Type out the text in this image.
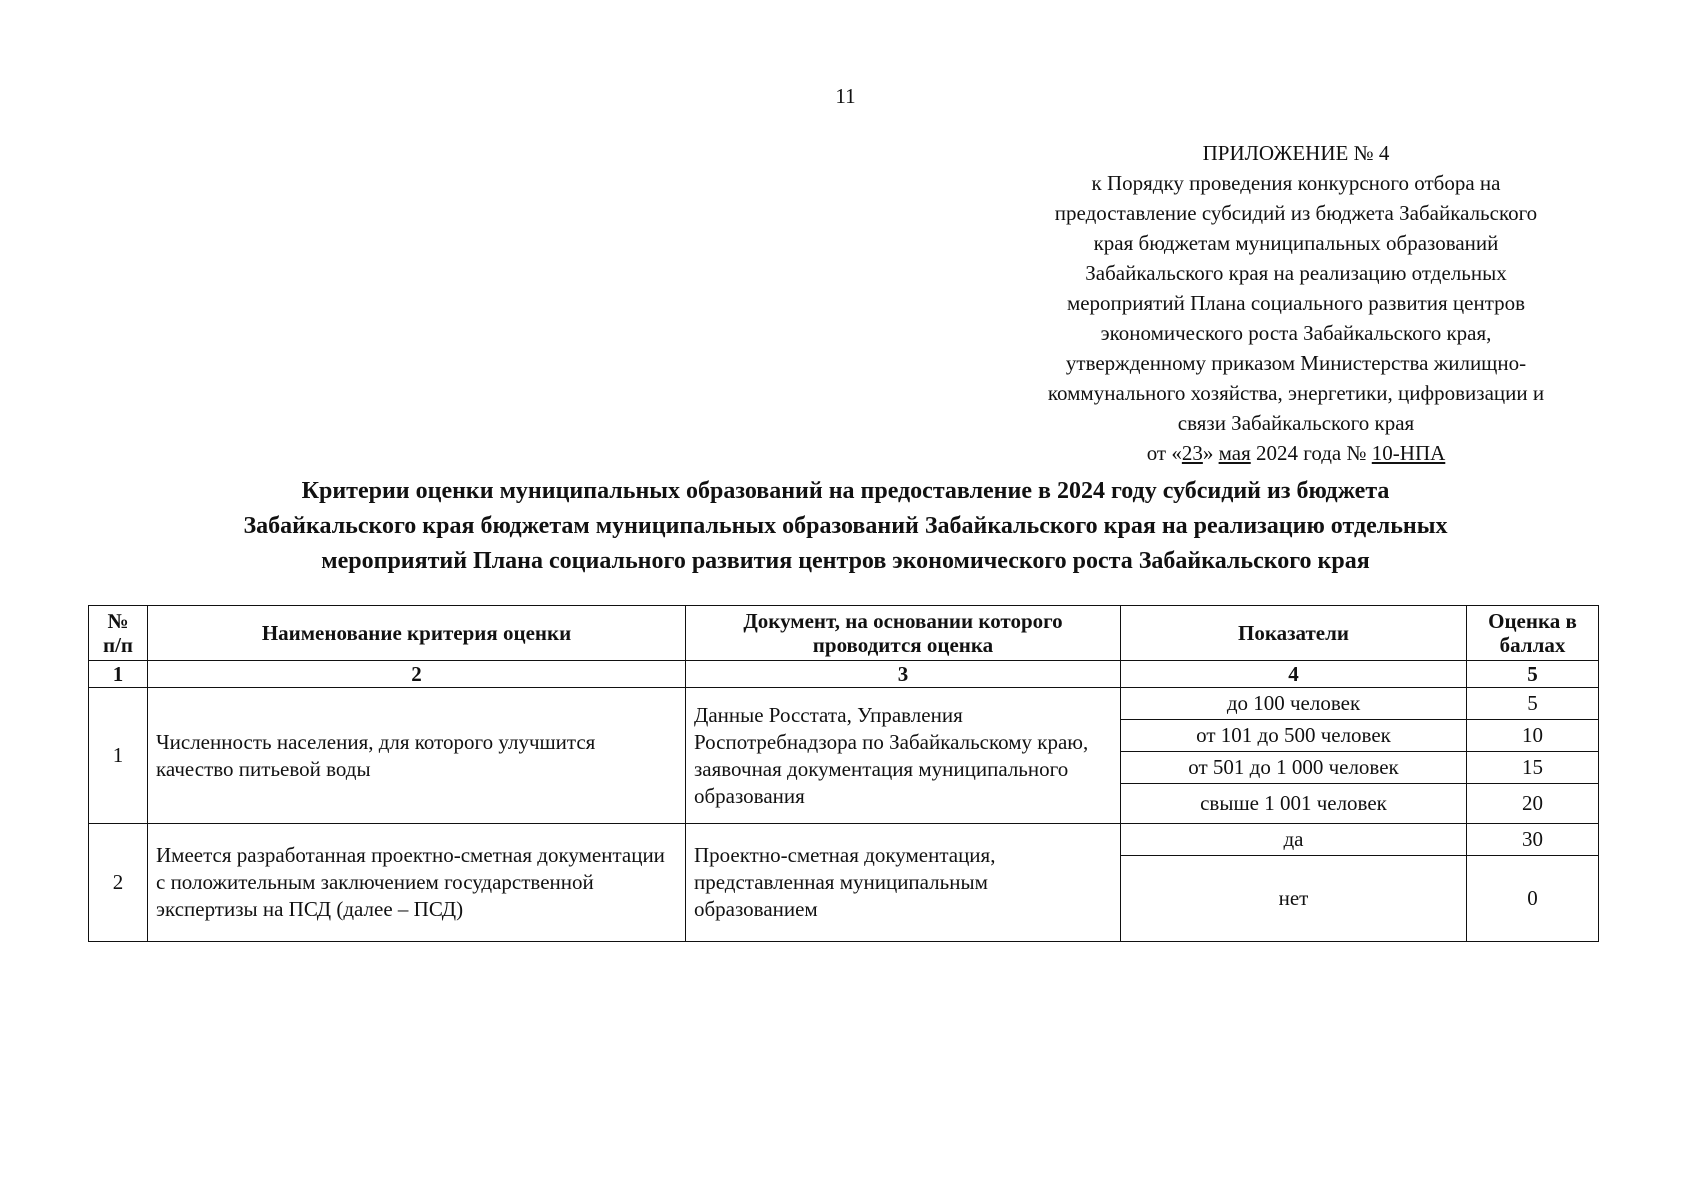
11
ПРИЛОЖЕНИЕ № 4
к Порядку проведения конкурсного отбора на
предоставление субсидий из бюджета Забайкальского
края бюджетам муниципальных образований
Забайкальского края на реализацию отдельных
мероприятий Плана социального развития центров
экономического роста Забайкальского края,
утвержденному приказом Министерства жилищно-
коммунального хозяйства, энергетики, цифровизации и
связи Забайкальского края
от «23» мая 2024 года № 10-НПА
Критерии оценки муниципальных образований на предоставление в 2024 году субсидий из бюджета
Забайкальского края бюджетам муниципальных образований Забайкальского края на реализацию отдельных
мероприятий Плана социального развития центров экономического роста Забайкальского края
№ п/п	Наименование критерия оценки	Документ, на основании которого проводится оценка	Показатели	Оценка в баллах
1	2	3	4	5
1	Численность населения, для которого улучшится качество питьевой воды	Данные Росстата, Управления Роспотребнадзора по Забайкальскому краю, заявочная документация муниципального образования	до 100 человек	5
			от 101 до 500 человек	10
			от 501 до 1 000 человек	15
			свыше 1 001 человек	20
2	Имеется разработанная проектно-сметная документации с положительным заключением государственной экспертизы на ПСД (далее – ПСД)	Проектно-сметная документация, представленная муниципальным образованием	да	30
			нет	0
